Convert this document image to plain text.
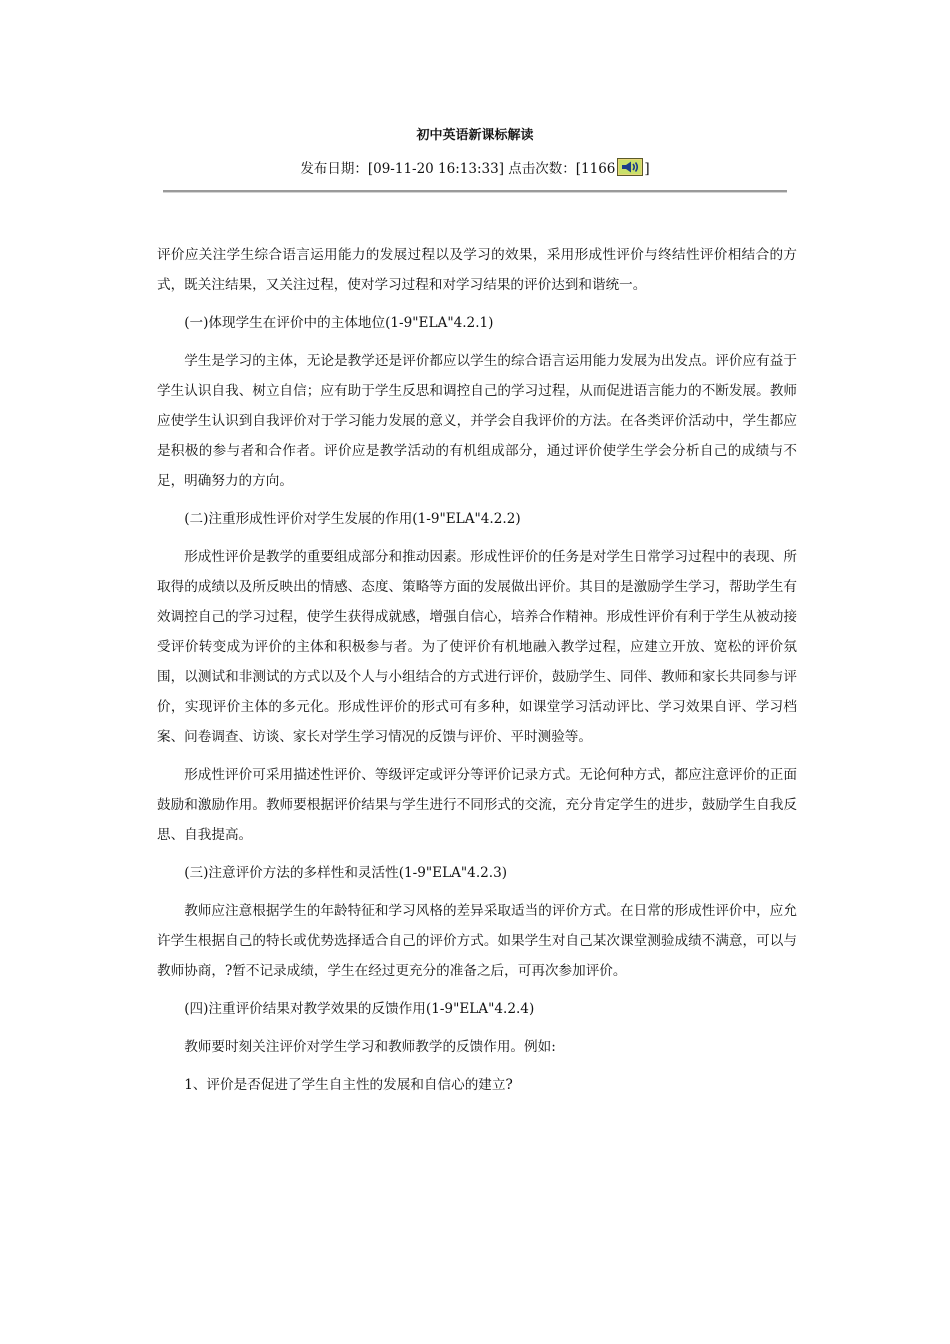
初中英语新课标解读
发布日期：[09-11-20 16:13:33] 点击次数：[1166 ]

评价应关注学生综合语言运用能力的发展过程以及学习的效果，采用形成性评价与终结性评价相结合的方式，既关注结果，又关注过程，使对学习过程和对学习结果的评价达到和谐统一。

(一)体现学生在评价中的主体地位(1-9"ELA"4.2.1)

学生是学习的主体，无论是教学还是评价都应以学生的综合语言运用能力发展为出发点。评价应有益于学生认识自我、树立自信；应有助于学生反思和调控自己的学习过程，从而促进语言能力的不断发展。教师应使学生认识到自我评价对于学习能力发展的意义，并学会自我评价的方法。在各类评价活动中，学生都应是积极的参与者和合作者。评价应是教学活动的有机组成部分，通过评价使学生学会分析自己的成绩与不足，明确努力的方向。

(二)注重形成性评价对学生发展的作用(1-9"ELA"4.2.2)

形成性评价是教学的重要组成部分和推动因素。形成性评价的任务是对学生日常学习过程中的表现、所取得的成绩以及所反映出的情感、态度、策略等方面的发展做出评价。其目的是激励学生学习，帮助学生有效调控自己的学习过程，使学生获得成就感，增强自信心，培养合作精神。形成性评价有利于学生从被动接受评价转变成为评价的主体和积极参与者。为了使评价有机地融入教学过程，应建立开放、宽松的评价氛围，以测试和非测试的方式以及个人与小组结合的方式进行评价，鼓励学生、同伴、教师和家长共同参与评价，实现评价主体的多元化。形成性评价的形式可有多种，如课堂学习活动评比、学习效果自评、学习档案、问卷调查、访谈、家长对学生学习情况的反馈与评价、平时测验等。

形成性评价可采用描述性评价、等级评定或评分等评价记录方式。无论何种方式，都应注意评价的正面鼓励和激励作用。教师要根据评价结果与学生进行不同形式的交流，充分肯定学生的进步，鼓励学生自我反思、自我提高。

(三)注意评价方法的多样性和灵活性(1-9"ELA"4.2.3)

教师应注意根据学生的年龄特征和学习风格的差异采取适当的评价方式。在日常的形成性评价中，应允许学生根据自己的特长或优势选择适合自己的评价方式。如果学生对自己某次课堂测验成绩不满意，可以与教师协商，?暂不记录成绩，学生在经过更充分的准备之后，可再次参加评价。

(四)注重评价结果对教学效果的反馈作用(1-9"ELA"4.2.4)

教师要时刻关注评价对学生学习和教师教学的反馈作用。例如:

1、评价是否促进了学生自主性的发展和自信心的建立?
